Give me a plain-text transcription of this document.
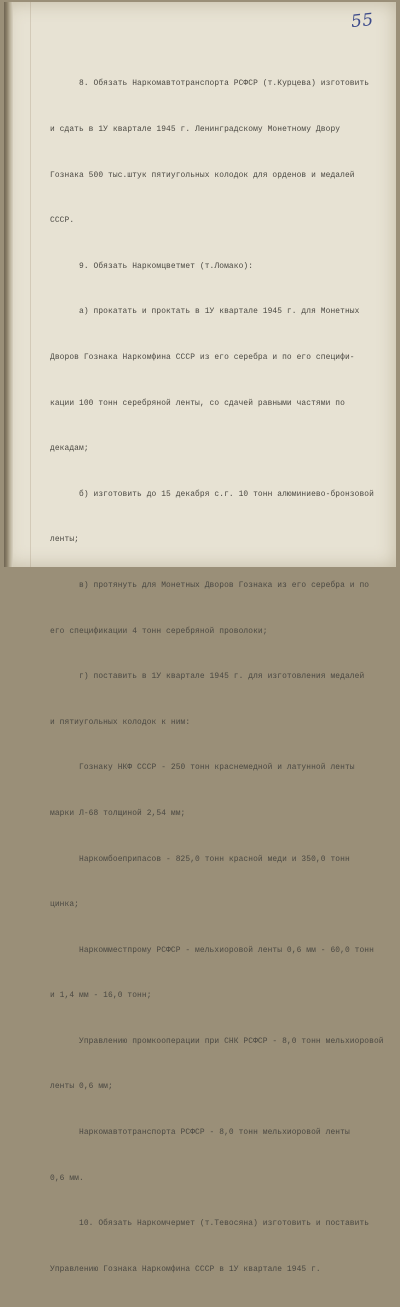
55

8. Обязать Наркомавтотранспорта РСФСР (т.Курцева) изготовить

и сдать в 1У квартале 1945 г. Ленинградскому Монетному Двору

Гознака 500 тыс.штук пятиугольных колодок для орденов и медалей

СССР.

9. Обязать Наркомцветмет (т.Ломако):

а) прокатать и проктать в 1У квартале 1945 г. для Монетных

Дворов Гознака Наркомфина СССР из его серебра и по его специфи-

кации 100 тонн серебряной ленты, со сдачей равными частями по

декадам;

б) изготовить до 15 декабря с.г. 10 тонн алюминиево-бронзовой

ленты;

в) протянуть для Монетных Дворов Гознака из его серебра и по

его спецификации 4 тонн серебряной проволоки;

г) поставить в 1У квартале 1945 г. для изготовления медалей

и пятиугольных колодок к ним:

Гознаку НКФ СССР - 250 тонн краснемедной и латунной ленты

марки Л-68 толщиной 2,54 мм;

Наркомбоеприпасов - 825,0 тонн красной меди и 350,0 тонн

цинка;

Наркомместпрому РСФСР - мельхиоровой ленты 0,6 мм - 60,0 тонн

и 1,4 мм - 16,0 тонн;

Управлению промкооперации при СНК РСФСР - 8,0 тонн мельхиоровой

ленты 0,6 мм;

Наркомавтотранспорта РСФСР - 8,0 тонн мельхиоровой ленты

0,6 мм.

10. Обязать Наркомчермет (т.Тевосяна) изготовить и поставить

Управлению Гознака Наркомфина СССР в 1У квартале 1945 г.
